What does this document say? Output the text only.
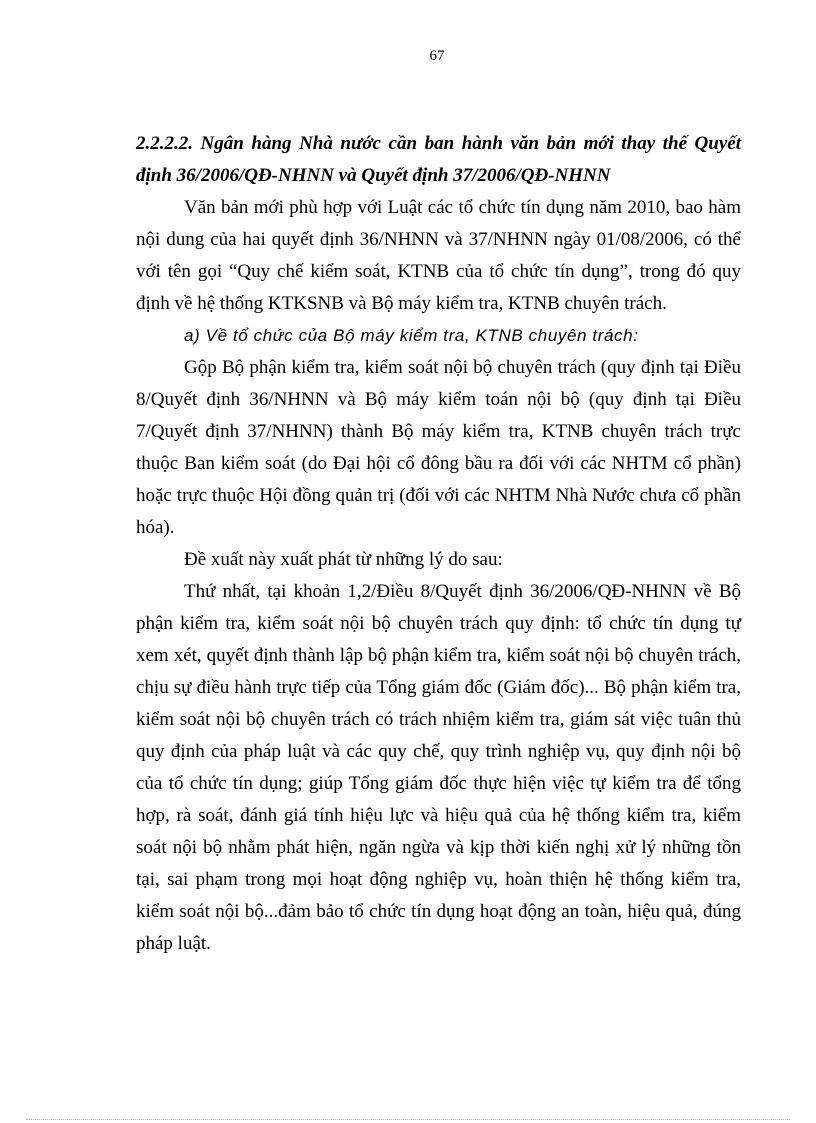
67

2.2.2.2. Ngân hàng Nhà nước cần ban hành văn bản mới thay thế Quyết định 36/2006/QĐ-NHNN và Quyết định 37/2006/QĐ-NHNN

Văn bản mới phù hợp với Luật các tổ chức tín dụng năm 2010, bao hàm nội dung của hai quyết định 36/NHNN và 37/NHNN ngày 01/08/2006, có thể với tên gọi “Quy chế kiểm soát, KTNB của tổ chức tín dụng”, trong đó quy định về hệ thống KTKSNB và Bộ máy kiểm tra, KTNB chuyên trách.

a) Về tổ chức của Bộ máy kiểm tra, KTNB chuyên trách:

Gộp Bộ phận kiểm tra, kiểm soát nội bộ chuyên trách (quy định tại Điều 8/Quyết định 36/NHNN và Bộ máy kiểm toán nội bộ (quy định tại Điều 7/Quyết định 37/NHNN) thành Bộ máy kiểm tra, KTNB chuyên trách trực thuộc Ban kiểm soát (do Đại hội cổ đông bầu ra đối với các NHTM cổ phần) hoặc trực thuộc Hội đồng quản trị (đối với các NHTM Nhà Nước chưa cổ phần hóa).

Đề xuất này xuất phát từ những lý do sau:

Thứ nhất, tại khoản 1,2/Điều 8/Quyết định 36/2006/QĐ-NHNN về Bộ phận kiểm tra, kiểm soát nội bộ chuyên trách quy định: tổ chức tín dụng tự xem xét, quyết định thành lập bộ phận kiểm tra, kiểm soát nội bộ chuyên trách, chịu sự điều hành trực tiếp của Tổng giám đốc (Giám đốc)... Bộ phận kiểm tra, kiểm soát nội bộ chuyên trách có trách nhiệm kiểm tra, giám sát việc tuân thủ quy định của pháp luật và các quy chế, quy trình nghiệp vụ, quy định nội bộ của tổ chức tín dụng; giúp Tổng giám đốc thực hiện việc tự kiểm tra để tổng hợp, rà soát, đánh giá tính hiệu lực và hiệu quả của hệ thống kiểm tra, kiểm soát nội bộ nhằm phát hiện, ngăn ngừa và kịp thời kiến nghị xử lý những tồn tại, sai phạm trong mọi hoạt động nghiệp vụ, hoàn thiện hệ thống kiểm tra, kiểm soát nội bộ...đảm bảo tổ chức tín dụng hoạt động an toàn, hiệu quả, đúng pháp luật.
